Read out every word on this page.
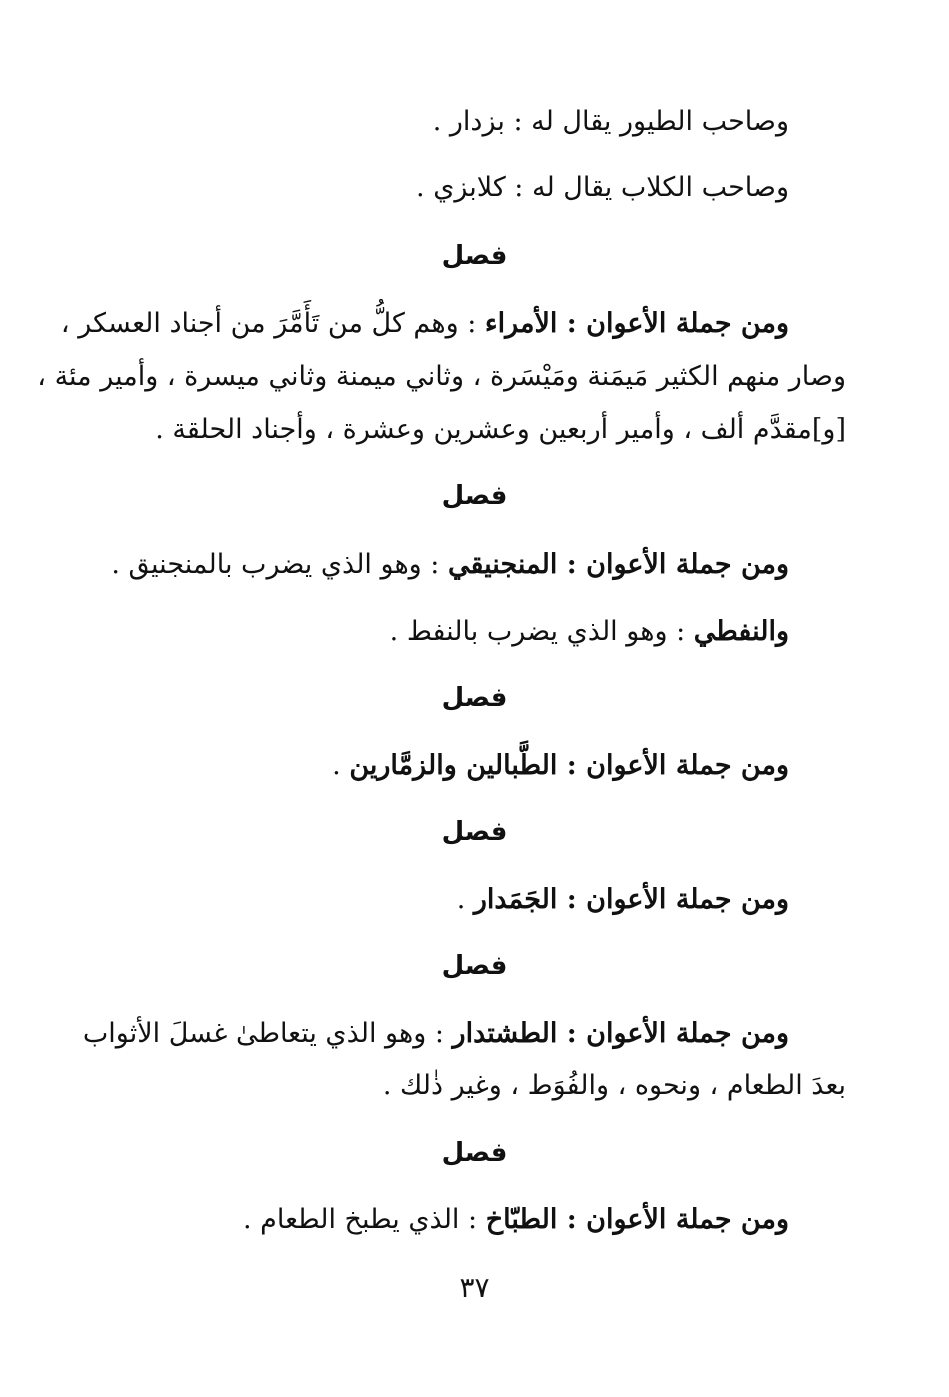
وصاحب الطيور يقال له : بزدار .
وصاحب الكلاب يقال له : كلابزي .
فصل
ومن جملة الأعوان : الأمراء : وهم كلُّ من تَأَمَّرَ من أجناد العسكر ،
وصار منهم الكثير مَيمَنة ومَيْسَرة ، وثاني ميمنة وثاني ميسرة ، وأمير مئة ،
[و]مقدَّم ألف ، وأمير أربعين وعشرين وعشرة ، وأجناد الحلقة .
فصل
ومن جملة الأعوان : المنجنيقي : وهو الذي يضرب بالمنجنيق .
والنفطي : وهو الذي يضرب بالنفط .
فصل
ومن جملة الأعوان : الطَّبالين والزمَّارين .
فصل
ومن جملة الأعوان : الجَمَدار .
فصل
ومن جملة الأعوان : الطشتدار : وهو الذي يتعاطىٰ غسلَ الأثواب
بعدَ الطعام ، ونحوه ، والفُوَط ، وغير ذٰلك .
فصل
ومن جملة الأعوان : الطبّاخ : الذي يطبخ الطعام .
٣٧
